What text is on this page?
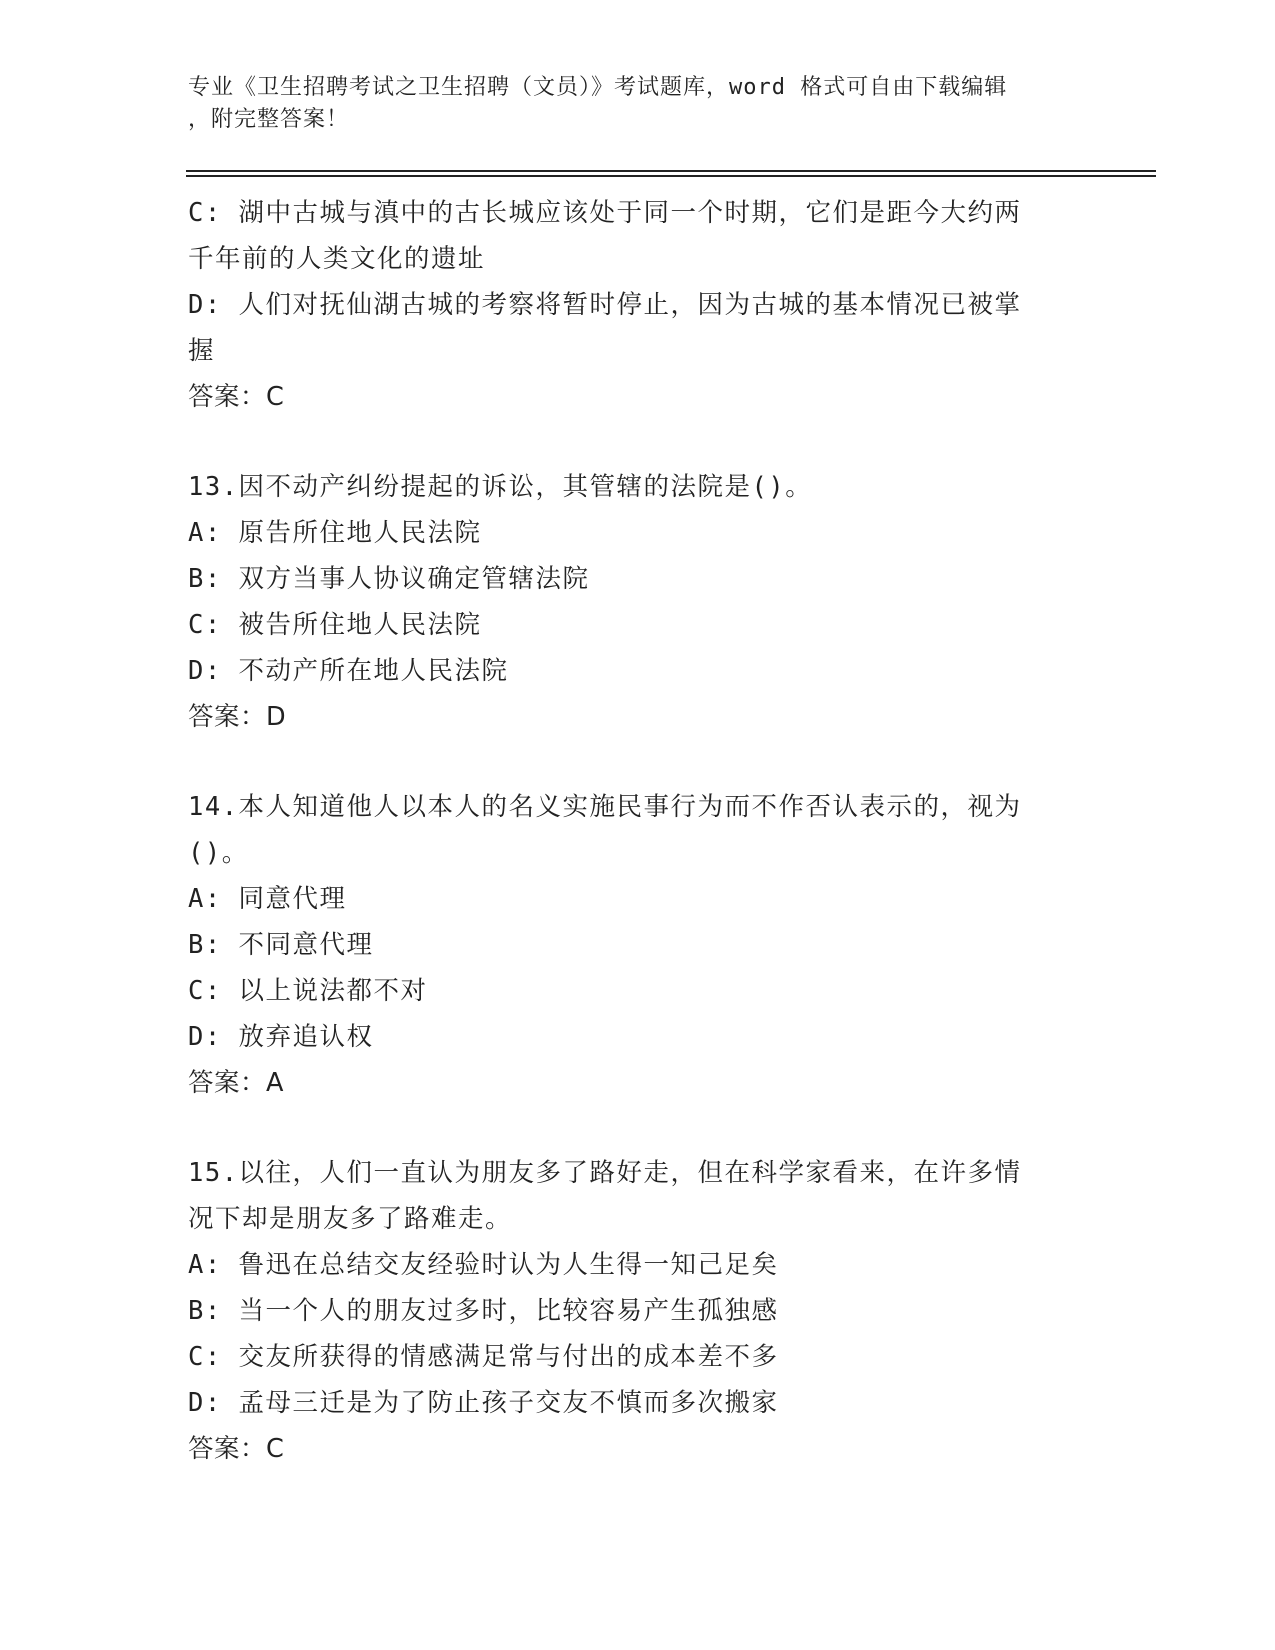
专业《卫生招聘考试之卫生招聘（文员）》考试题库，word 格式可自由下载编辑
，附完整答案！
C: 湖中古城与滇中的古长城应该处于同一个时期，它们是距今大约两
千年前的人类文化的遗址
D: 人们对抚仙湖古城的考察将暂时停止，因为古城的基本情况已被掌
握
答案：C
13.因不动产纠纷提起的诉讼，其管辖的法院是()。
A: 原告所住地人民法院
B: 双方当事人协议确定管辖法院
C: 被告所住地人民法院
D: 不动产所在地人民法院
答案：D
14.本人知道他人以本人的名义实施民事行为而不作否认表示的，视为
()。
A: 同意代理
B: 不同意代理
C: 以上说法都不对
D: 放弃追认权
答案：A
15.以往，人们一直认为朋友多了路好走，但在科学家看来，在许多情
况下却是朋友多了路难走。
A: 鲁迅在总结交友经验时认为人生得一知己足矣
B: 当一个人的朋友过多时，比较容易产生孤独感
C: 交友所获得的情感满足常与付出的成本差不多
D: 孟母三迁是为了防止孩子交友不慎而多次搬家
答案：C
